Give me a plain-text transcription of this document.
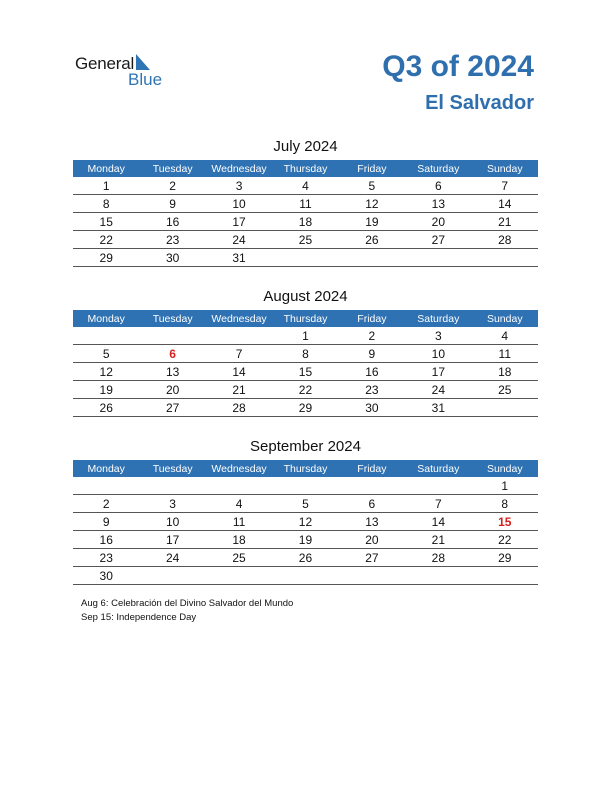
General
Blue	Q3 of 2024
El Salvador
July 2024
Monday	Tuesday	Wednesday	Thursday	Friday	Saturday	Sunday
1	2	3	4	5	6	7
8	9	10	11	12	13	14
15	16	17	18	19	20	21
22	23	24	25	26	27	28
29	30	31				
August 2024
Monday	Tuesday	Wednesday	Thursday	Friday	Saturday	Sunday
			1	2	3	4
5	6	7	8	9	10	11
12	13	14	15	16	17	18
19	20	21	22	23	24	25
26	27	28	29	30	31	
September 2024
Monday	Tuesday	Wednesday	Thursday	Friday	Saturday	Sunday
						1
2	3	4	5	6	7	8
9	10	11	12	13	14	15
16	17	18	19	20	21	22
23	24	25	26	27	28	29
30						
Aug 6: Celebración del Divino Salvador del Mundo
Sep 15: Independence Day
